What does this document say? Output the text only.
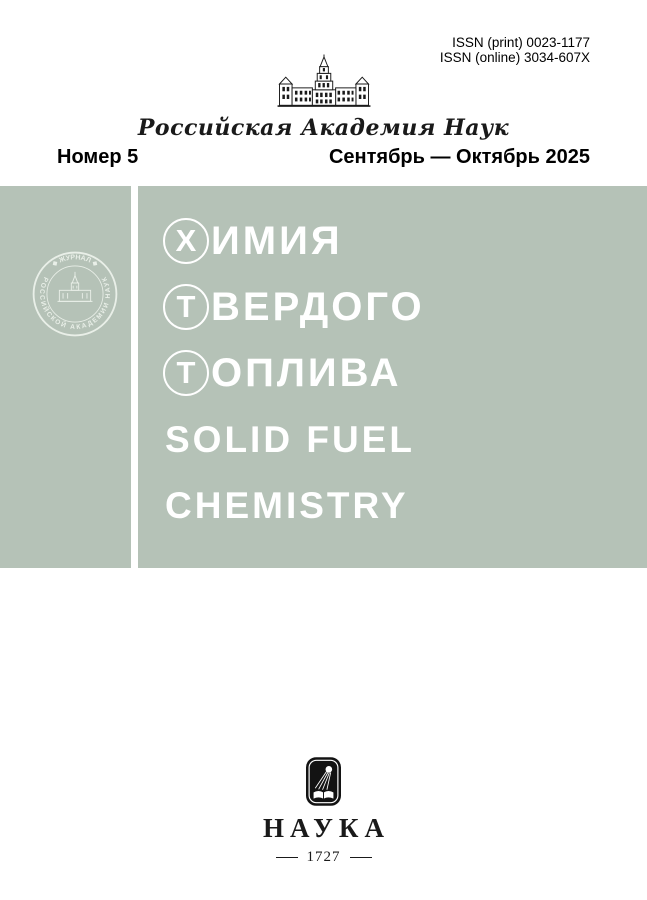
ISSN (print) 0023-1177
ISSN (online) 3034-607X
Российская Академия Наук
Номер 5	Сентябрь — Октябрь 2025
◆ ЖУРНАЛ ◆
РОССИЙСКОЙ АКАДЕМИИ НАУК
Х ИМИЯ
Т ВЕРДОГО
Т ОПЛИВА
SOLID FUEL
CHEMISTRY
НАУКА
1727
